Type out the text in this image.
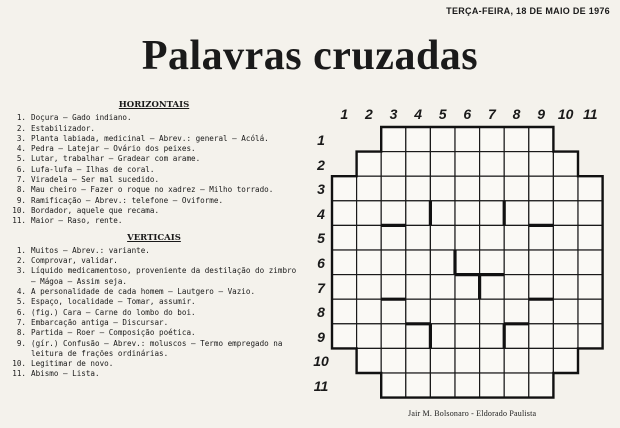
TERÇA-FEIRA, 18 DE MAIO DE 1976
Palavras cruzadas
HORIZONTAIS
1. Doçura — Gado indiano.
2. Estabilizador.
3. Planta labiada, medicinal — Abrev.: general — Acólá.
4. Pedra — Latejar — Ovário dos peixes.
5. Lutar, trabalhar — Gradear com arame.
6. Lufa-lufa — Ilhas de coral.
7. Viradela — Ser mal sucedido.
8. Mau cheiro — Fazer o roque no xadrez — Milho torrado.
9. Ramificação — Abrev.: telefone — Oviforme.
10. Bordador, aquele que recama.
11. Maior — Raso, rente.
VERTICAIS
1. Muitos — Abrev.: variante.
2. Comprovar, validar.
3. Líquido medicamentoso, proveniente da destilação do zimbro — Mágoa — Assim seja.
4. A personalidade de cada homem — Lautgero — Vazio.
5. Espaço, localidade — Tomar, assumir.
6. (fig.) Cara — Carne do lombo do boi.
7. Embarcação antiga — Discursar.
8. Partida — Roer — Composição poética.
9. (gír.) Confusão — Abrev.: moluscos — Termo empregado na leitura de frações ordinárias.
10. Legitimar de novo.
11. Abismo — Lista.
1	2	3	4	5	6	7	8	9 10 11
1
2
3
4
5
6
7
8
9
10
11
Jair M. Bolsonaro - Eldorado Paulista
